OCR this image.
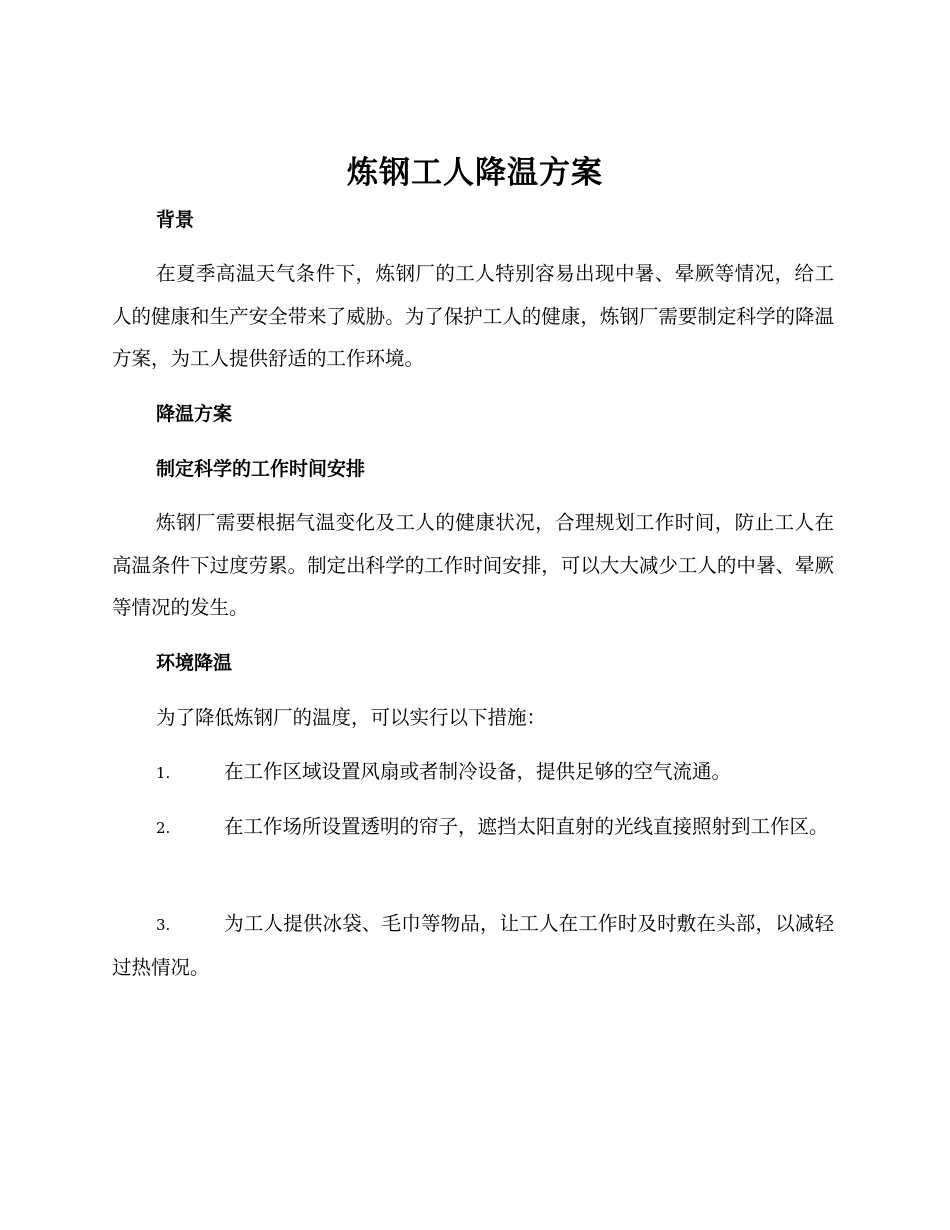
炼钢工人降温方案
背景

在夏季高温天气条件下，炼钢厂的工人特别容易出现中暑、晕厥等情况，给工人的健康和生产安全带来了威胁。为了保护工人的健康，炼钢厂需要制定科学的降温方案，为工人提供舒适的工作环境。

降温方案
制定科学的工作时间安排

炼钢厂需要根据气温变化及工人的健康状况，合理规划工作时间，防止工人在高温条件下过度劳累。制定出科学的工作时间安排，可以大大减少工人的中暑、晕厥等情况的发生。

环境降温

为了降低炼钢厂的温度，可以实行以下措施：

1.	在工作区域设置风扇或者制冷设备，提供足够的空气流通。

2.	在工作场所设置透明的帘子，遮挡太阳直射的光线直接照射到工作区。

3.	为工人提供冰袋、毛巾等物品，让工人在工作时及时敷在头部，以减轻过热情况。
